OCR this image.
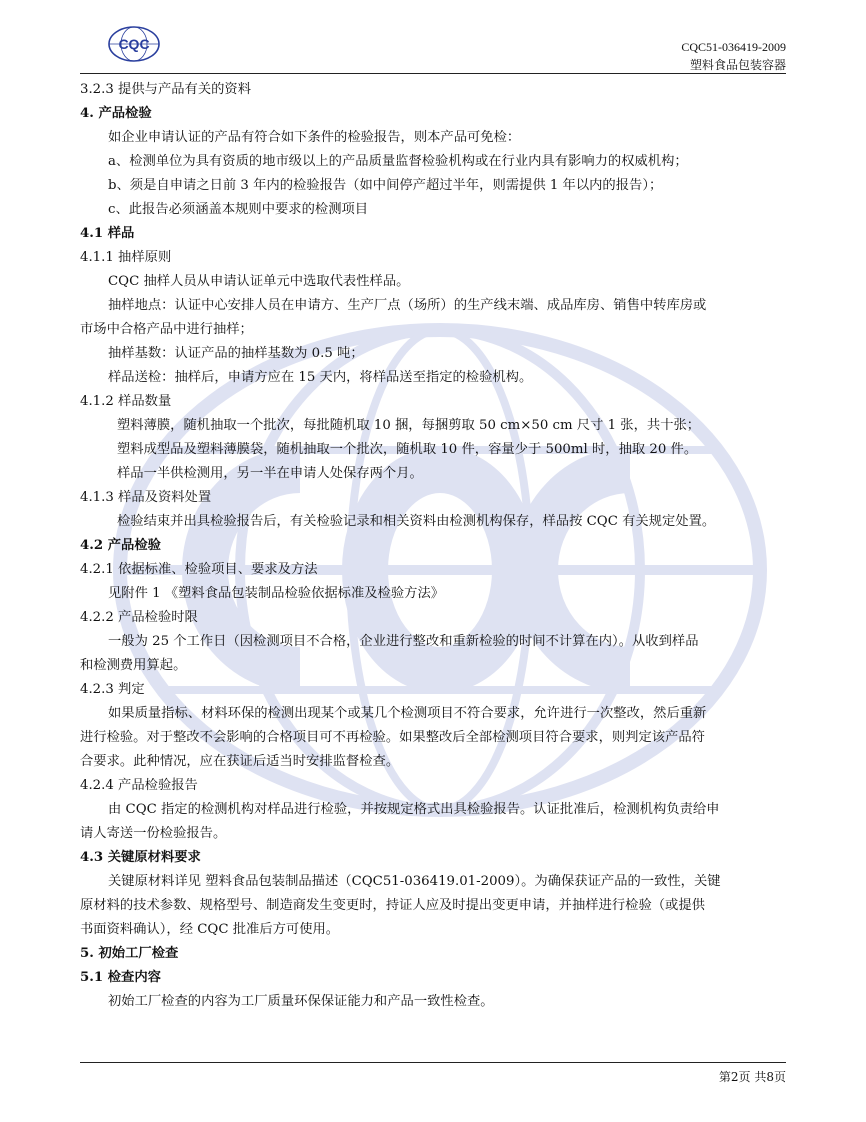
CQC	CQC51-036419-2009
塑料食品包装容器
3.2.3 提供与产品有关的资料
4. 产品检验
如企业申请认证的产品有符合如下条件的检验报告，则本产品可免检：
a、检测单位为具有资质的地市级以上的产品质量监督检验机构或在行业内具有影响力的权威机构；
b、须是自申请之日前 3 年内的检验报告（如中间停产超过半年，则需提供 1 年以内的报告）；
c、此报告必须涵盖本规则中要求的检测项目
4.1 样品
4.1.1 抽样原则
CQC 抽样人员从申请认证单元中选取代表性样品。
抽样地点：认证中心安排人员在申请方、生产厂点（场所）的生产线末端、成品库房、销售中转库房或
市场中合格产品中进行抽样；
抽样基数：认证产品的抽样基数为 0.5 吨；
样品送检：抽样后，申请方应在 15 天内，将样品送至指定的检验机构。
4.1.2 样品数量
塑料薄膜，随机抽取一个批次，每批随机取 10 捆，每捆剪取 50 cm×50 cm 尺寸 1 张，共十张；
塑料成型品及塑料薄膜袋，随机抽取一个批次，随机取 10 件，容量少于 500ml 时，抽取 20 件。
样品一半供检测用，另一半在申请人处保存两个月。
4.1.3 样品及资料处置
检验结束并出具检验报告后，有关检验记录和相关资料由检测机构保存，样品按 CQC 有关规定处置。
4.2 产品检验
4.2.1 依据标准、检验项目、要求及方法
见附件 1 《塑料食品包装制品检验依据标准及检验方法》
4.2.2 产品检验时限
一般为 25 个工作日（因检测项目不合格，企业进行整改和重新检验的时间不计算在内）。从收到样品
和检测费用算起。
4.2.3 判定
如果质量指标、材料环保的检测出现某个或某几个检测项目不符合要求，允许进行一次整改，然后重新
进行检验。对于整改不会影响的合格项目可不再检验。如果整改后全部检测项目符合要求，则判定该产品符
合要求。此种情况，应在获证后适当时安排监督检查。
4.2.4 产品检验报告
由 CQC 指定的检测机构对样品进行检验，并按规定格式出具检验报告。认证批准后，检测机构负责给申
请人寄送一份检验报告。
4.3 关键原材料要求
关键原材料详见 塑料食品包装制品描述（CQC51-036419.01-2009）。为确保获证产品的一致性，关键
原材料的技术参数、规格型号、制造商发生变更时，持证人应及时提出变更申请，并抽样进行检验（或提供
书面资料确认），经 CQC 批准后方可使用。
5. 初始工厂检查
5.1 检查内容
初始工厂检查的内容为工厂质量环保保证能力和产品一致性检查。
第2页 共8页
